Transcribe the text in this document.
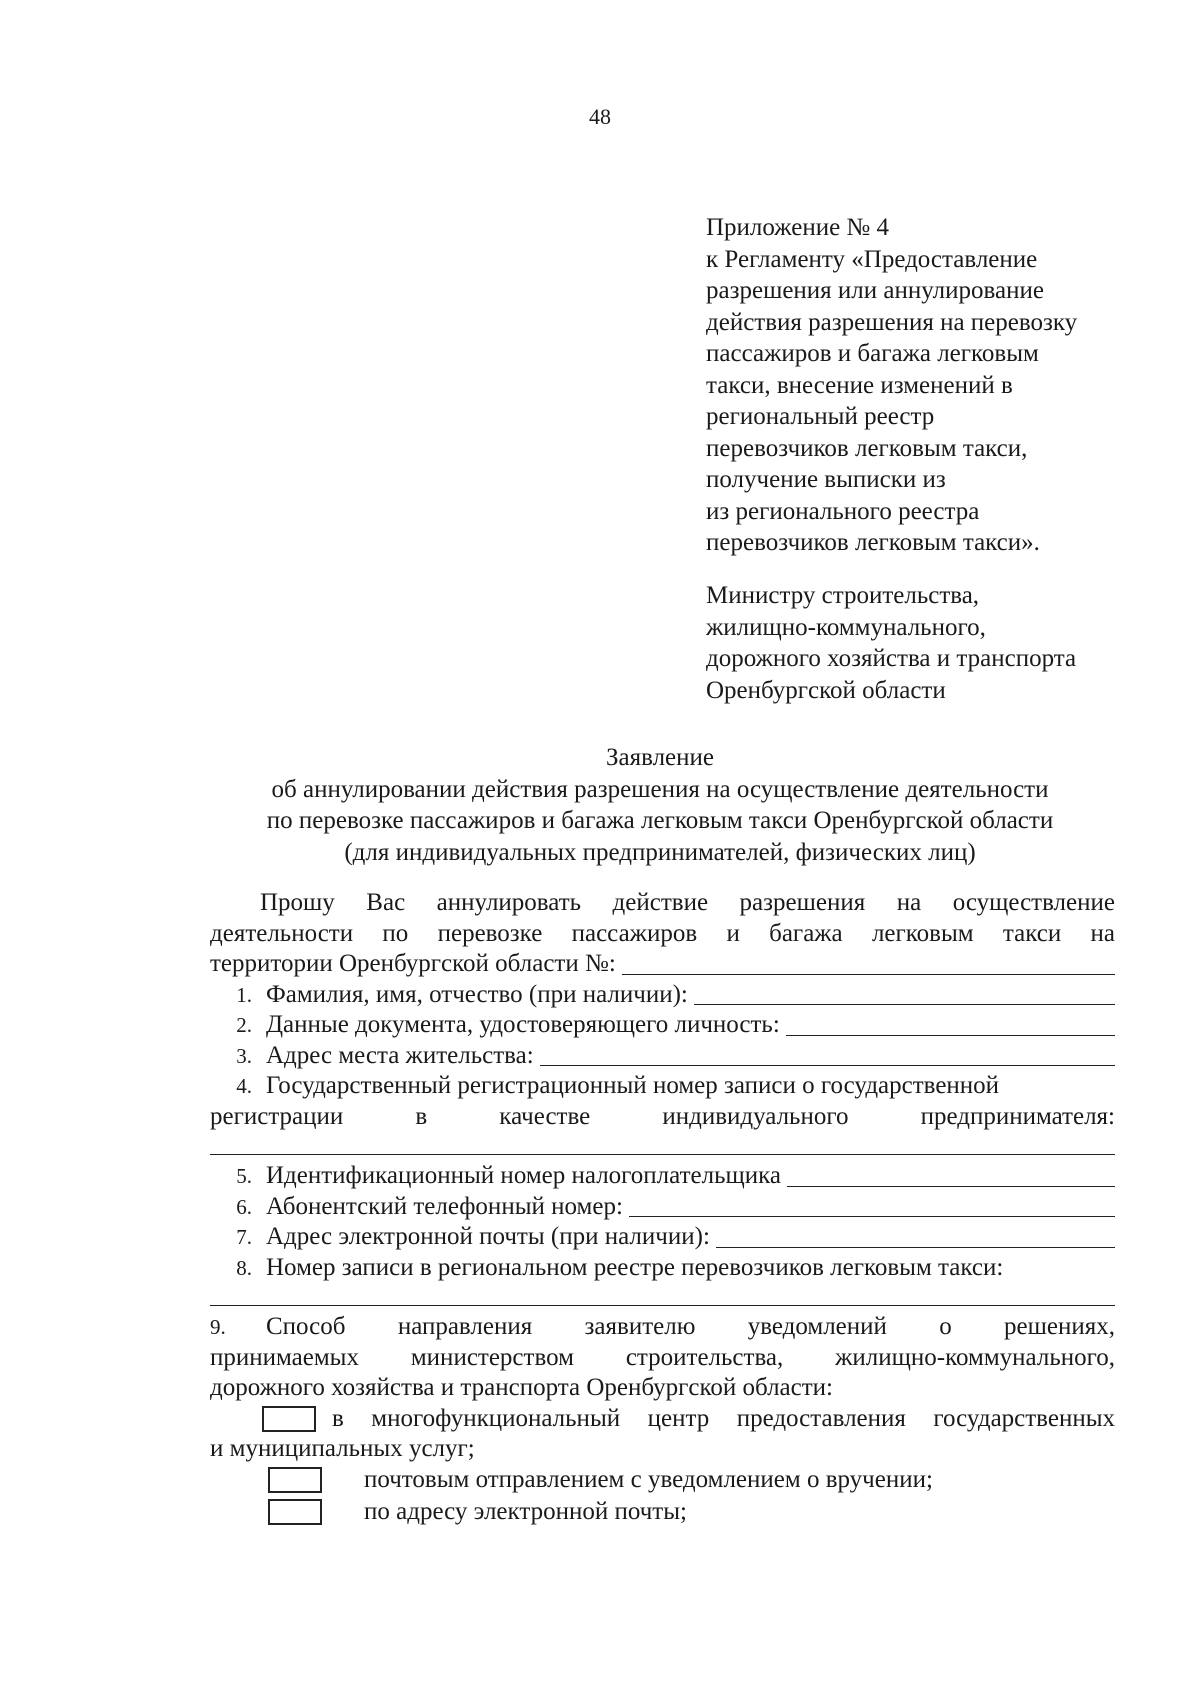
48
Приложение № 4
к Регламенту «Предоставление
разрешения или аннулирование
действия разрешения на перевозку
пассажиров и багажа легковым
такси, внесение изменений в
региональный реестр
перевозчиков легковым такси,
получение выписки из
из регионального реестра
перевозчиков легковым такси».
Министру строительства,
жилищно-коммунального,
дорожного хозяйства и транспорта
Оренбургской области
Заявление
об аннулировании действия разрешения на осуществление деятельности
по перевозке пассажиров и багажа легковым такси Оренбургской области
(для индивидуальных предпринимателей, физических лиц)
Прошу Вас аннулировать действие разрешения на осуществление
деятельности по перевозке пассажиров и багажа легковым такси на
территории Оренбургской области №:
1. Фамилия, имя, отчество (при наличии):
2. Данные документа, удостоверяющего личность:
3. Адрес места жительства:
4. Государственный регистрационный номер записи о государственной
регистрации в качестве индивидуального предпринимателя:
5. Идентификационный номер налогоплательщика
6. Абонентский телефонный номер:
7. Адрес электронной почты (при наличии):
8. Номер записи в региональном реестре перевозчиков легковым такси:
9.	Способ направления заявителю уведомлений о решениях,
принимаемых министерством строительства, жилищно-коммунального,
дорожного хозяйства и транспорта Оренбургской области:
в многофункциональный центр предоставления государственных
и муниципальных услуг;
почтовым отправлением с уведомлением о вручении;
по адресу электронной почты;
